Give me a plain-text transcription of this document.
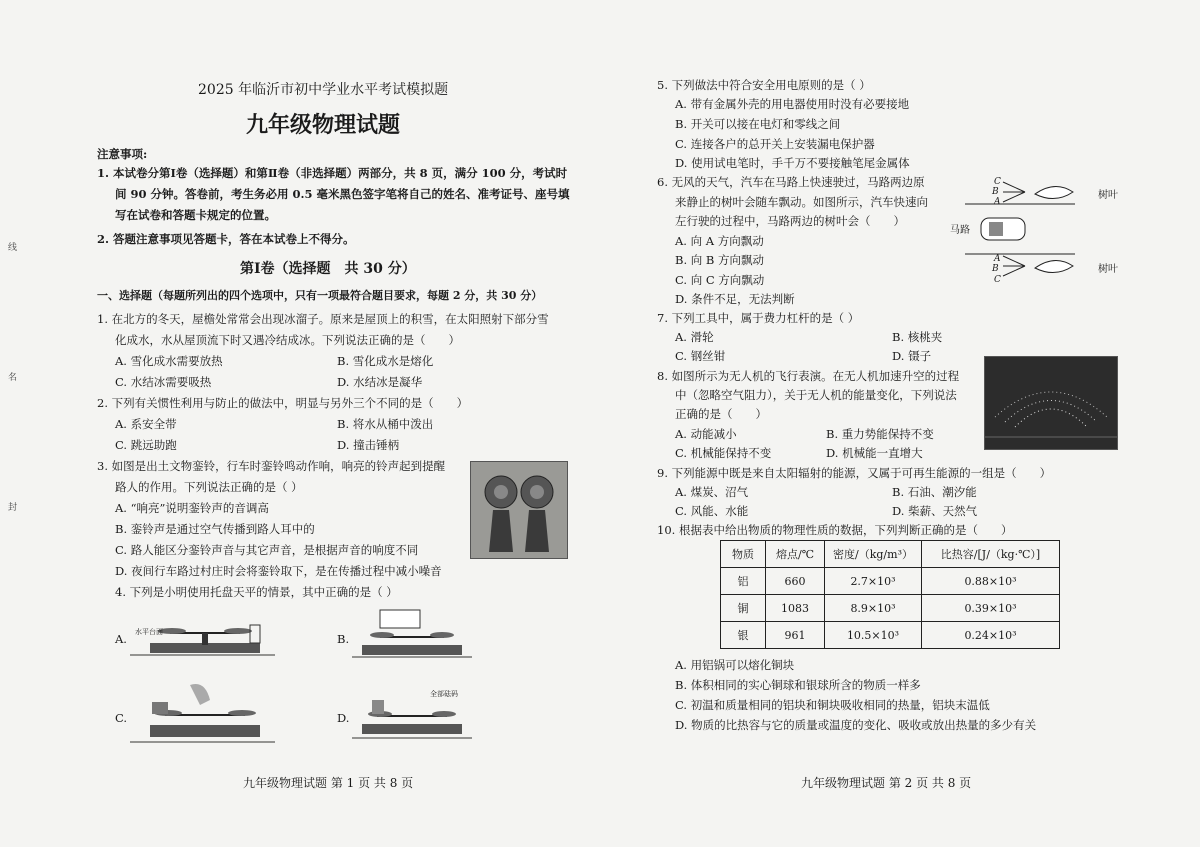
线
名
封
2025 年临沂市初中学业水平考试模拟题
九年级物理试题
注意事项:
1. 本试卷分第Ⅰ卷（选择题）和第Ⅱ卷（非选择题）两部分，共 8 页，满分 100 分，考试时
间 90 分钟。答卷前，考生务必用 0.5 毫米黑色签字笔将自己的姓名、准考证号、座号填
写在试卷和答题卡规定的位置。
2. 答题注意事项见答题卡，答在本试卷上不得分。
第Ⅰ卷（选择题　共 30 分）
一、选择题（每题所列出的四个选项中，只有一项最符合题目要求，每题 2 分，共 30 分）
1. 在北方的冬天，屋檐处常常会出现冰溜子。原来是屋顶上的积雪，在太阳照射下部分雪
化成水，水从屋顶流下时又遇冷结成冰。下列说法正确的是（　　）
A. 雪化成水需要放热	B. 雪化成水是熔化
C. 水结冰需要吸热	D. 水结冰是凝华
2. 下列有关惯性利用与防止的做法中，明显与另外三个不同的是（　　）
A. 系安全带	B. 将水从桶中泼出
C. 跳远助跑	D. 撞击锤柄
3. 如图是出土文物銮铃，行车时銮铃鸣动作响，响亮的铃声起到提醒
路人的作用。下列说法正确的是（ ）
A. “响亮”说明銮铃声的音调高
B. 銮铃声是通过空气传播到路人耳中的
C. 路人能区分銮铃声音与其它声音，是根据声音的响度不同
D. 夜间行车路过村庄时会将銮铃取下，是在传播过程中减小噪音
4. 下列是小明使用托盘天平的情景，其中正确的是（ ）
A. 水平台面	B.
C.	D.
全部砝码
九年级物理试题 第 1 页 共 8 页
5. 下列做法中符合安全用电原则的是（ ）
A. 带有金属外壳的用电器使用时没有必要接地
B. 开关可以接在电灯和零线之间
C. 连接各户的总开关上安装漏电保护器
D. 使用试电笔时，手千万不要接触笔尾金属体
6. 无风的天气，汽车在马路上快速驶过，马路两边原
来静止的树叶会随车飘动。如图所示，汽车快速向
左行驶的过程中，马路两边的树叶会（　　）
A. 向 A 方向飘动
B. 向 B 方向飘动
C. 向 C 方向飘动
D. 条件不足，无法判断
马路
树叶
树叶
C
B
A
A
B
C
7. 下列工具中，属于费力杠杆的是（ ）
A. 滑轮	B. 核桃夹
C. 钢丝钳	D. 镊子
8. 如图所示为无人机的飞行表演。在无人机加速升空的过程
中（忽略空气阻力），关于无人机的能量变化，下列说法
正确的是（　　）
A. 动能减小	B. 重力势能保持不变
C. 机械能保持不变	D. 机械能一直增大
9. 下列能源中既是来自太阳辐射的能源，又属于可再生能源的一组是（　　）
A. 煤炭、沼气	B. 石油、潮汐能
C. 风能、水能	D. 柴薪、天然气
10. 根据表中给出物质的物理性质的数据，下列判断正确的是（　　）
物质	熔点/℃	密度/（kg/m³）	比热容/[J/（kg·℃）]
铝	660	2.7×10³	0.88×10³
铜	1083	8.9×10³	0.39×10³
银	961	10.5×10³	0.24×10³
A. 用铝锅可以熔化铜块
B. 体积相同的实心铜球和银球所含的物质一样多
C. 初温和质量相同的铝块和铜块吸收相同的热量，铝块末温低
D. 物质的比热容与它的质量或温度的变化、吸收或放出热量的多少有关
九年级物理试题 第 2 页 共 8 页
